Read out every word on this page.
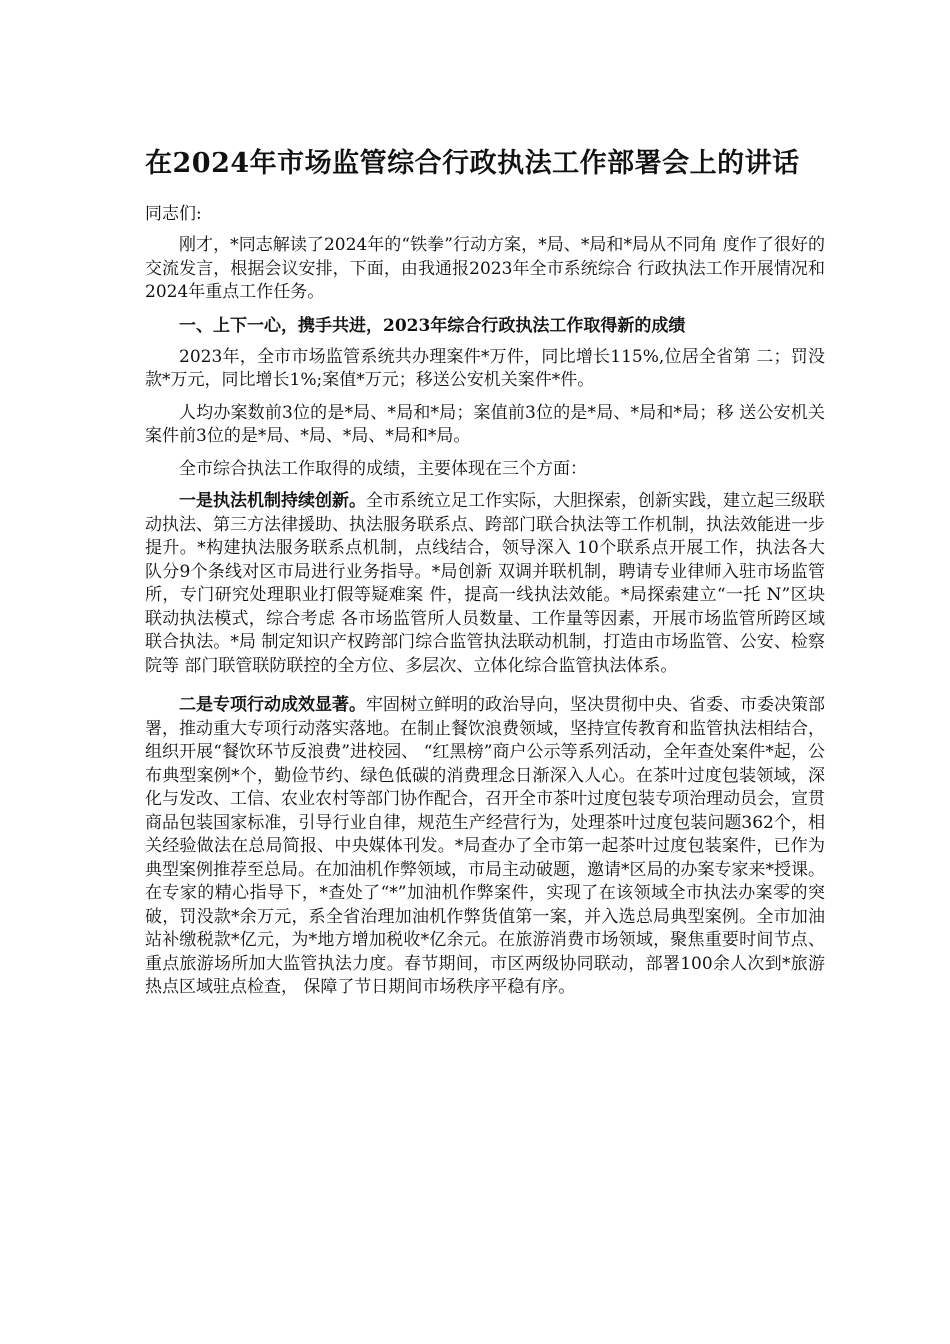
在2024年市场监管综合行政执法工作部署会上的讲话

同志们:

刚才，*同志解读了2024年的“铁拳”行动方案，*局、*局和*局从不同角 度作了很好的交流发言，根据会议安排，下面，由我通报2023年全市系统综合 行政执法工作开展情况和2024年重点工作任务。

一、上下一心，携手共进，2023年综合行政执法工作取得新的成绩

2023年，全市市场监管系统共办理案件*万件，同比增长115%,位居全省第 二；罚没款*万元，同比增长1%;案值*万元；移送公安机关案件*件。

人均办案数前3位的是*局、*局和*局；案值前3位的是*局、*局和*局；移 送公安机关案件前3位的是*局、*局、*局、*局和*局。

全市综合执法工作取得的成绩，主要体现在三个方面：

一是执法机制持续创新。全市系统立足工作实际，大胆探索，创新实践，建立起三级联动执法、第三方法律援助、执法服务联系点、跨部门联合执法等工作机制，执法效能进一步提升。*构建执法服务联系点机制，点线结合，领导深入 10个联系点开展工作，执法各大队分9个条线对区市局进行业务指导。*局创新 双调并联机制，聘请专业律师入驻市场监管所，专门研究处理职业打假等疑难案 件，提高一线执法效能。*局探索建立“一托 N”区块联动执法模式，综合考虑 各市场监管所人员数量、工作量等因素，开展市场监管所跨区域联合执法。*局 制定知识产权跨部门综合监管执法联动机制，打造由市场监管、公安、检察院等 部门联管联防联控的全方位、多层次、立体化综合监管执法体系。

二是专项行动成效显著。牢固树立鲜明的政治导向，坚决贯彻中央、省委、市委决策部署，推动重大专项行动落实落地。在制止餐饮浪费领域，坚持宣传教育和监管执法相结合，组织开展“餐饮环节反浪费”进校园、 “红黑榜”商户公示等系列活动，全年查处案件*起，公布典型案例*个，勤俭节约、绿色低碳的消费理念日渐深入人心。在茶叶过度包装领域，深化与发改、工信、农业农村等部门协作配合，召开全市茶叶过度包装专项治理动员会，宣贯商品包装国家标准，引导行业自律，规范生产经营行为，处理茶叶过度包装问题362个，相关经验做法在总局简报、中央媒体刊发。*局查办了全市第一起茶叶过度包装案件，已作为典型案例推荐至总局。在加油机作弊领域，市局主动破题，邀请*区局的办案专家来*授课。在专家的精心指导下，*查处了“*”加油机作弊案件，实现了在该领域全市执法办案零的突破，罚没款*余万元，系全省治理加油机作弊货值第一案，并入选总局典型案例。全市加油站补缴税款*亿元，为*地方增加税收*亿余元。在旅游消费市场领域，聚焦重要时间节点、重点旅游场所加大监管执法力度。春节期间，市区两级协同联动，部署100余人次到*旅游热点区域驻点检查， 保障了节日期间市场秩序平稳有序。
